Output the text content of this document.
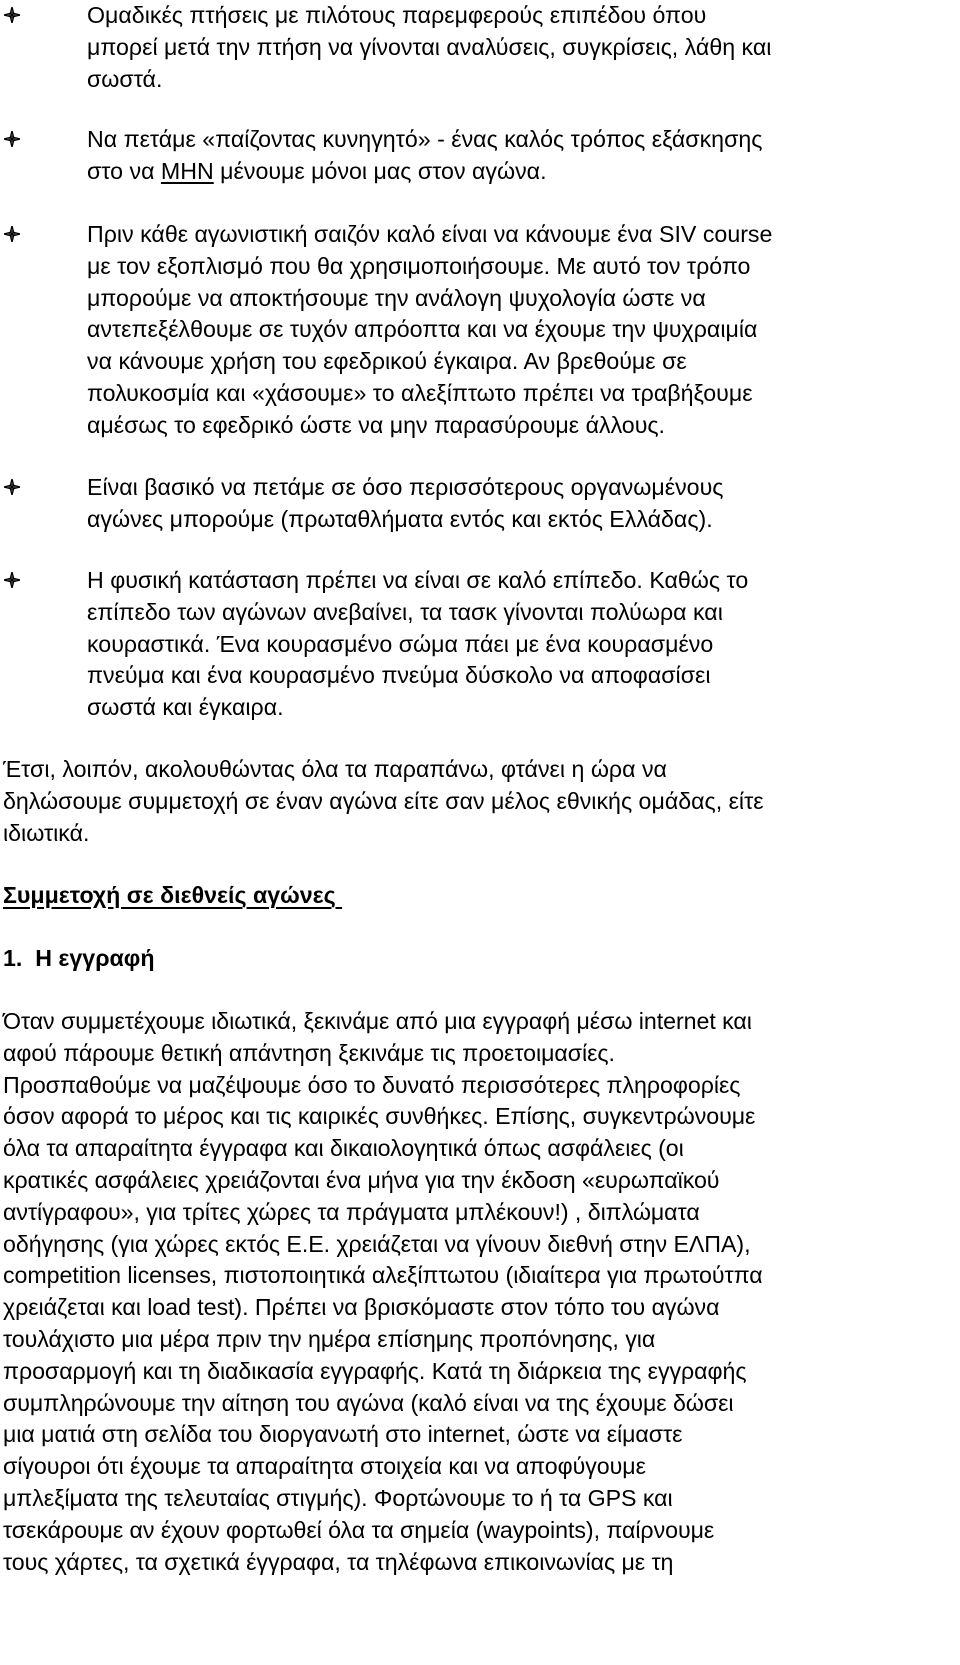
Ομαδικές πτήσεις με πιλότους παρεμφερούς επιπέδου όπου
μπορεί μετά την πτήση να γίνονται αναλύσεις, συγκρίσεις, λάθη και
σωστά.
Να πετάμε «παίζοντας κυνηγητό» - ένας καλός τρόπος εξάσκησης
στο να ΜΗΝ μένουμε μόνοι μας στον αγώνα.
Πριν κάθε αγωνιστική σαιζόν καλό είναι να κάνουμε ένα SIV course
με τον εξοπλισμό που θα χρησιμοποιήσουμε. Με αυτό τον τρόπο
μπορούμε να αποκτήσουμε την ανάλογη ψυχολογία ώστε να
αντεπεξέλθουμε σε τυχόν απρόοπτα και να έχουμε την ψυχραιμία
να κάνουμε χρήση του εφεδρικού έγκαιρα. Αν βρεθούμε σε
πολυκοσμία και «χάσουμε» το αλεξίπτωτο πρέπει να τραβήξουμε
αμέσως το εφεδρικό ώστε να μην παρασύρουμε άλλους.
Είναι βασικό να πετάμε σε όσο περισσότερους οργανωμένους
αγώνες μπορούμε (πρωταθλήματα εντός και εκτός Ελλάδας).
Η φυσική κατάσταση πρέπει να είναι σε καλό επίπεδο. Καθώς το
επίπεδο των αγώνων ανεβαίνει, τα τασκ γίνονται πολύωρα και
κουραστικά. Ένα κουρασμένο σώμα πάει με ένα κουρασμένο
πνεύμα και ένα κουρασμένο πνεύμα δύσκολο να αποφασίσει
σωστά και έγκαιρα.
Έτσι, λοιπόν, ακολουθώντας όλα τα παραπάνω, φτάνει η ώρα να
δηλώσουμε συμμετοχή σε έναν αγώνα είτε σαν μέλος εθνικής ομάδας, είτε
ιδιωτικά.
Συμμετοχή σε διεθνείς αγώνες
1.  Η εγγραφή
Όταν συμμετέχουμε ιδιωτικά, ξεκινάμε από μια εγγραφή μέσω internet και
αφού πάρουμε θετική απάντηση ξεκινάμε τις προετοιμασίες.
Προσπαθούμε να μαζέψουμε όσο το δυνατό περισσότερες πληροφορίες
όσον αφορά το μέρος και τις καιρικές συνθήκες. Επίσης, συγκεντρώνουμε
όλα τα απαραίτητα έγγραφα και δικαιολογητικά όπως ασφάλειες (οι
κρατικές ασφάλειες χρειάζονται ένα μήνα για την έκδοση «ευρωπαϊκού
αντίγραφου», για τρίτες χώρες τα πράγματα μπλέκουν!) , διπλώματα
οδήγησης (για χώρες εκτός Ε.Ε. χρειάζεται να γίνουν διεθνή στην ΕΛΠΑ),
competition licenses, πιστοποιητικά αλεξίπτωτου (ιδιαίτερα για πρωτούτπα
χρειάζεται και load test). Πρέπει να βρισκόμαστε στον τόπο του αγώνα
τουλάχιστο μια μέρα πριν την ημέρα επίσημης προπόνησης, για
προσαρμογή και τη διαδικασία εγγραφής. Κατά τη διάρκεια της εγγραφής
συμπληρώνουμε την αίτηση του αγώνα (καλό είναι να της έχουμε δώσει
μια ματιά στη σελίδα του διοργανωτή στο internet, ώστε να είμαστε
σίγουροι ότι έχουμε τα απαραίτητα στοιχεία και να αποφύγουμε
μπλεξίματα της τελευταίας στιγμής). Φορτώνουμε το ή τα GPS και
τσεκάρουμε αν έχουν φορτωθεί όλα τα σημεία (waypoints), παίρνουμε
τους χάρτες, τα σχετικά έγγραφα, τα τηλέφωνα επικοινωνίας με τη
